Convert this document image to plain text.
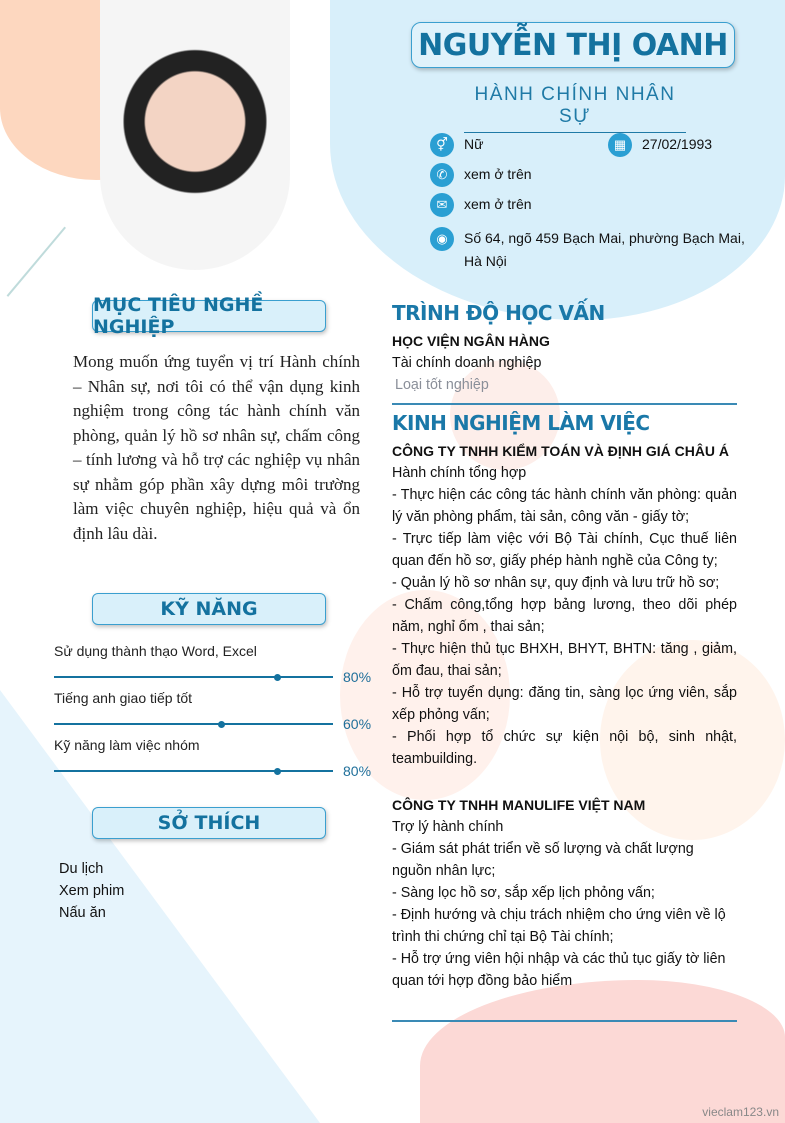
NGUYỄN THỊ OANH
HÀNH CHÍNH NHÂN SỰ
⚥	Nữ	▦	27/02/1993
✆	xem ở trên
✉	xem ở trên
◉	Số 64, ngõ 459 Bạch Mai, phường Bạch Mai, Hà Nội
MỤC TIÊU NGHỀ NGHIỆP
Mong muốn ứng tuyển vị trí Hành chính – Nhân sự, nơi tôi có thể vận dụng kinh nghiệm trong công tác hành chính văn phòng, quản lý hồ sơ nhân sự, chấm công – tính lương và hỗ trợ các nghiệp vụ nhân sự nhằm góp phần xây dựng môi trường làm việc chuyên nghiệp, hiệu quả và ổn định lâu dài.
KỸ NĂNG
Sử dụng thành thạo Word, Excel
80%
Tiếng anh giao tiếp tốt
60%
Kỹ năng làm việc nhóm
80%
SỞ THÍCH
Du lịch
Xem phim
Nấu ăn
TRÌNH ĐỘ HỌC VẤN
HỌC VIỆN NGÂN HÀNG
Tài chính doanh nghiệp
Loại tốt nghiệp
KINH NGHIỆM LÀM VIỆC
CÔNG TY TNHH KIỂM TOÁN VÀ ĐỊNH GIÁ CHÂU Á
Hành chính tổng hợp
- Thực hiện các công tác hành chính văn phòng: quản lý văn phòng phẩm, tài sản, công văn - giấy tờ;
- Trực tiếp làm việc với Bộ Tài chính, Cục thuế liên quan đến hồ sơ, giấy phép hành nghề của Công ty;
- Quản lý hồ sơ nhân sự, quy định và lưu trữ hồ sơ;
- Chấm công,tổng hợp bảng lương, theo dõi phép năm, nghỉ ốm , thai sản;
- Thực hiện thủ tục BHXH, BHYT, BHTN: tăng , giảm, ốm đau, thai sản;
- Hỗ trợ tuyển dụng: đăng tin, sàng lọc ứng viên, sắp xếp phỏng vấn;
- Phối hợp tổ chức sự kiện nội bộ, sinh nhật, teambuilding.
CÔNG TY TNHH MANULIFE VIỆT NAM
Trợ lý hành chính
- Giám sát phát triển về số lượng và chất lượng nguồn nhân lực;
- Sàng lọc hồ sơ, sắp xếp lịch phỏng vấn;
- Định hướng và chịu trách nhiệm cho ứng viên về lộ trình thi chứng chỉ tại Bộ Tài chính;
- Hỗ trợ ứng viên hội nhập và các thủ tục giấy tờ liên quan tới hợp đồng bảo hiểm
vieclam123.vn
